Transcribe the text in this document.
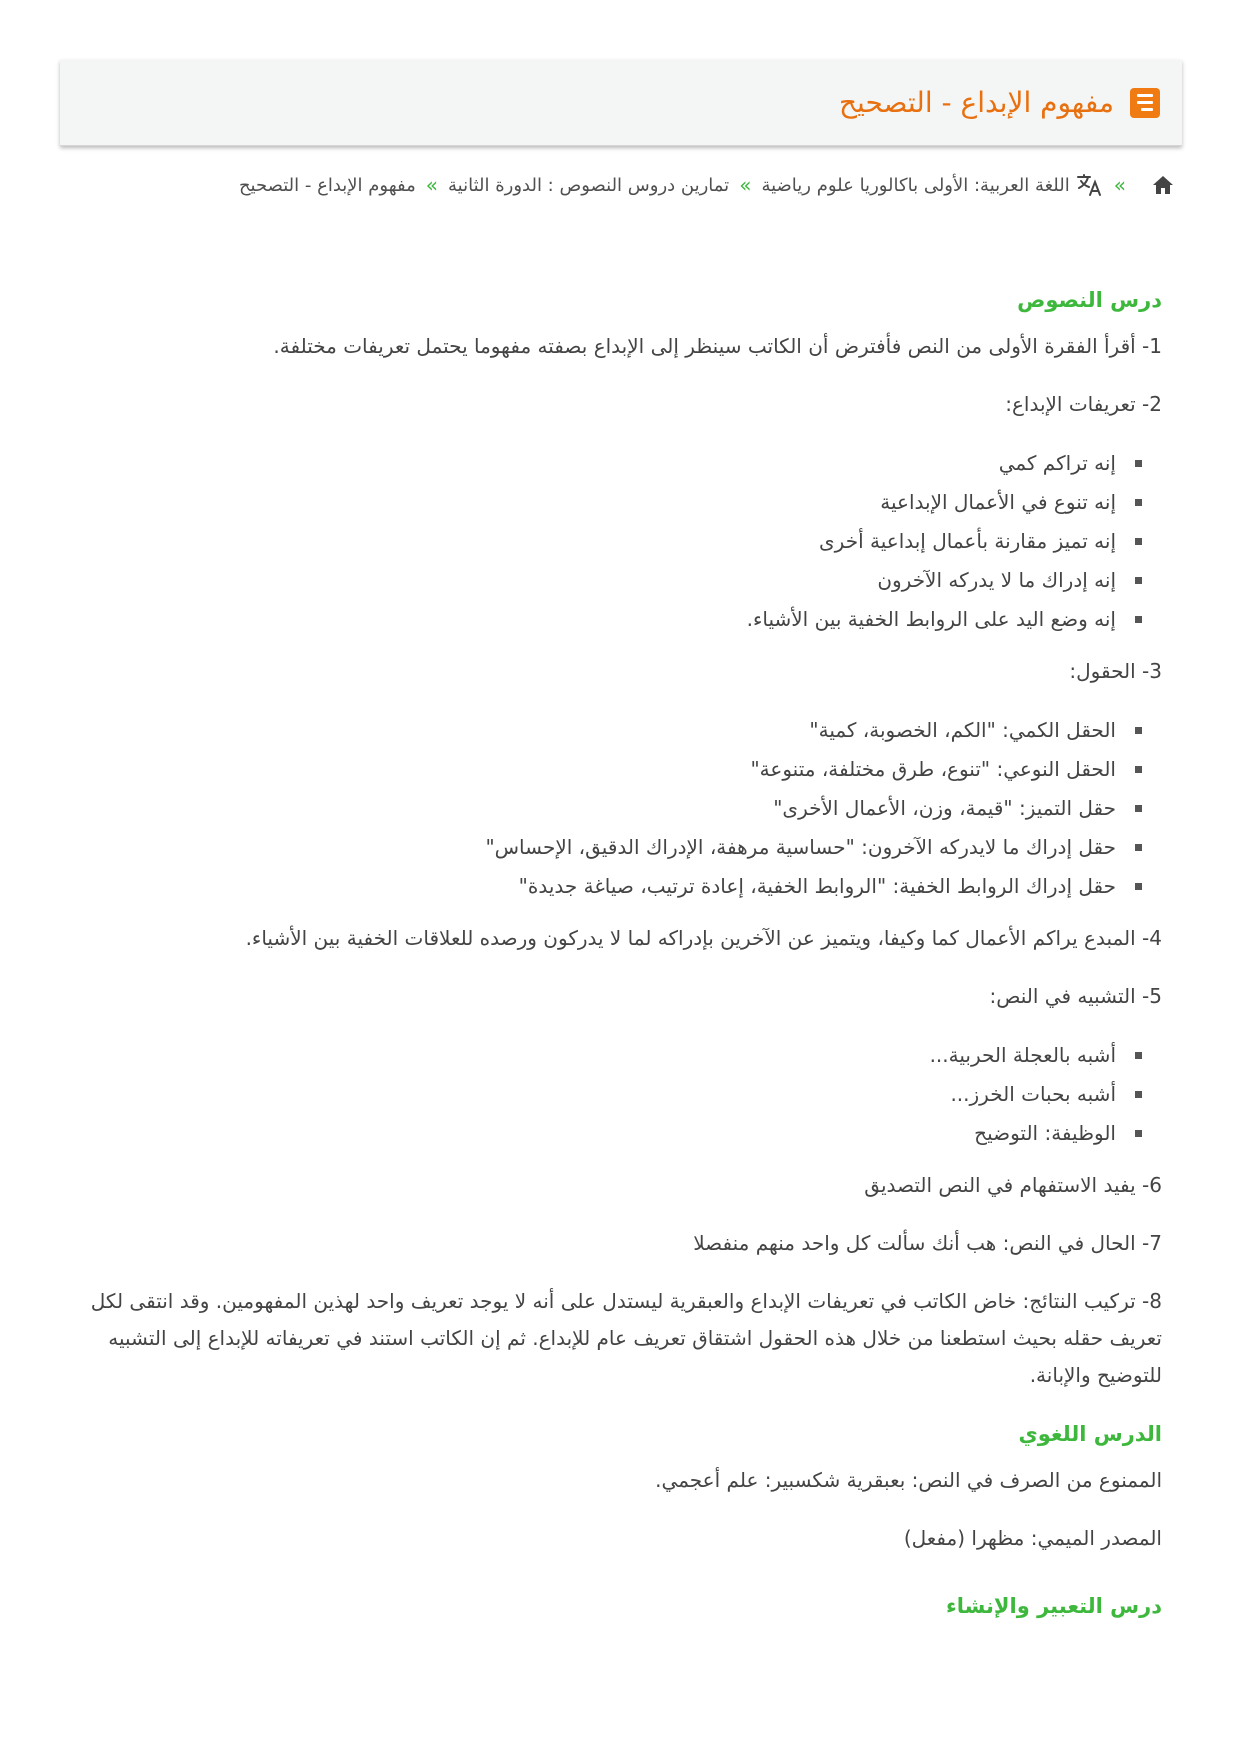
مفهوم الإبداع - التصحيح
»
اللغة العربية: الأولى باكالوريا علوم رياضية
»
تمارين دروس النصوص : الدورة الثانية
»
مفهوم الإبداع - التصحيح
درس النصوص

1- أقرأ الفقرة الأولى من النص فأفترض أن الكاتب سينظر إلى الإبداع بصفته مفهوما يحتمل تعريفات مختلفة.

2- تعريفات الإبداع:

إنه تراكم كمي
إنه تنوع في الأعمال الإبداعية
إنه تميز مقارنة بأعمال إبداعية أخرى
إنه إدراك ما لا يدركه الآخرون
إنه وضع اليد على الروابط الخفية بين الأشياء.

3- الحقول:

الحقل الكمي: "الكم، الخصوبة، كمية"
الحقل النوعي: "تنوع، طرق مختلفة، متنوعة"
حقل التميز: "قيمة، وزن، الأعمال الأخرى"
حقل إدراك ما لايدركه الآخرون: "حساسية مرهفة، الإدراك الدقيق، الإحساس"
حقل إدراك الروابط الخفية: "الروابط الخفية، إعادة ترتيب، صياغة جديدة"

4- المبدع يراكم الأعمال كما وكيفا، ويتميز عن الآخرين بإدراكه لما لا يدركون ورصده للعلاقات الخفية بين الأشياء.

5- التشبيه في النص:

أشبه بالعجلة الحربية...
أشبه بحبات الخرز...
الوظيفة: التوضيح

6- يفيد الاستفهام في النص التصديق

7- الحال في النص: هب أنك سألت كل واحد منهم منفصلا

8- تركيب النتائج: خاض الكاتب في تعريفات الإبداع والعبقرية ليستدل على أنه لا يوجد تعريف واحد لهذين المفهومين. وقد انتقى لكل تعريف حقله بحيث استطعنا من خلال هذه الحقول اشتقاق تعريف عام للإبداع. ثم إن الكاتب استند في تعريفاته للإبداع إلى التشبيه للتوضيح والإبانة.

الدرس اللغوي

الممنوع من الصرف في النص: بعبقرية شكسبير: علم أعجمي.

المصدر الميمي: مظهرا (مفعل)

درس التعبير والإنشاء
